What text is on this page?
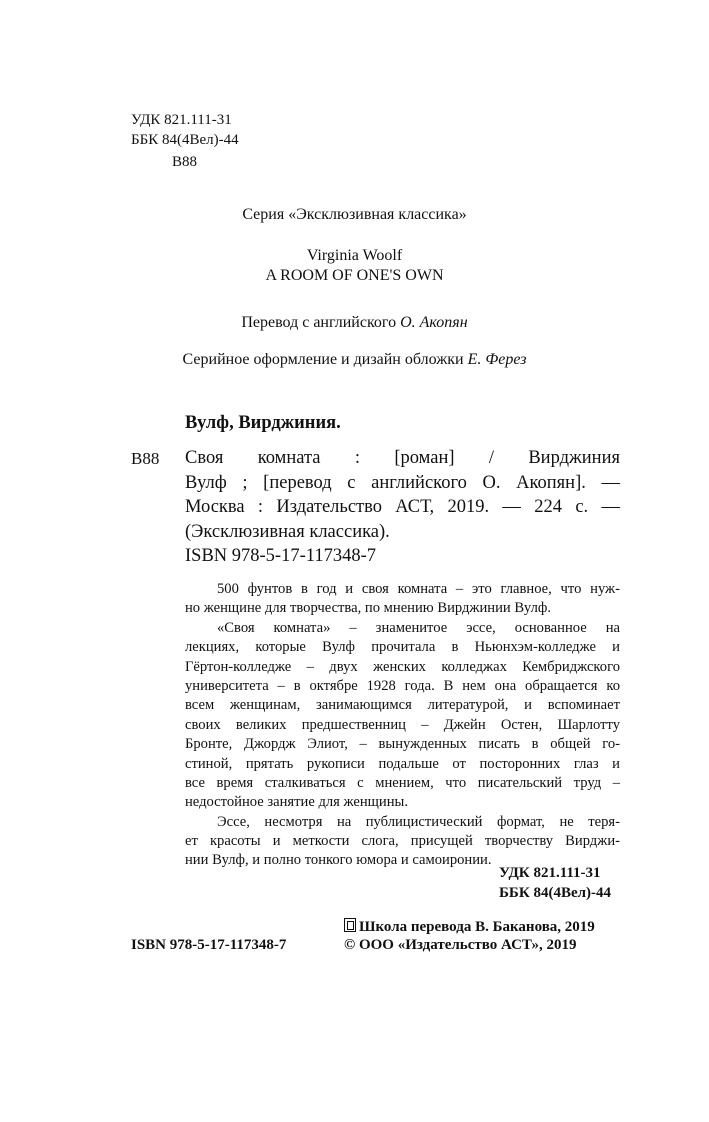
УДК 821.111-31
ББК 84(4Вел)-44
В88
Серия «Эксклюзивная классика»
Virginia Woolf
A ROOM OF ONE'S OWN
Перевод с английского О. Акопян
Серийное оформление и дизайн обложки Е. Ферез
Вулф, Вирджиния.
В88 Своя комната : [роман] / Вирджиния
Вулф ; [перевод с английского О. Акопян]. —
Москва : Издательство АСТ, 2019. — 224 с. —
(Эксклюзивная классика).
ISBN 978-5-17-117348-7
500 фунтов в год и своя комната – это главное, что нуж-
но женщине для творчества, по мнению Вирджинии Вулф.
«Своя комната» – знаменитое эссе, основанное на
лекциях, которые Вулф прочитала в Ньюнхэм-колледже и
Гёртон-колледже – двух женских колледжах Кембриджского
университета – в октябре 1928 года. В нем она обращается ко
всем женщинам, занимающимся литературой, и вспоминает
своих великих предшественниц – Джейн Остен, Шарлотту
Бронте, Джордж Элиот, – вынужденных писать в общей го-
стиной, прятать рукописи подальше от посторонних глаз и
все время сталкиваться с мнением, что писательский труд –
недостойное занятие для женщины.
Эссе, несмотря на публицистический формат, не теря-
ет красоты и меткости слога, присущей творчеству Вирджи-
нии Вулф, и полно тонкого юмора и самоиронии.
УДК 821.111-31
ББК 84(4Вел)-44
ISBN 978-5-17-117348-7
Школа перевода В. Баканова, 2019
© ООО «Издательство АСТ», 2019
